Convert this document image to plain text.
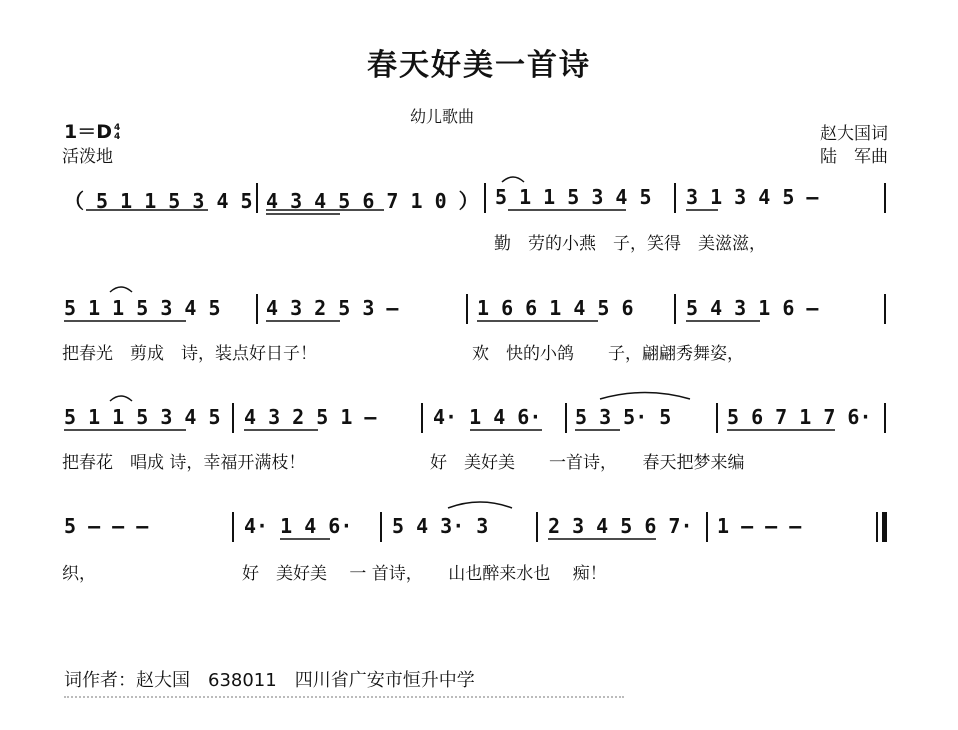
春天好美一首诗
幼儿歌曲
1＝D 4
4
活泼地
赵大国词
陆　军曲
（ 5 1 1 5 3 4 5 4 3 4 5 6 7 1 0 ） 5 1 1 5 3 4 5 3 1 3 4 5 —
勤　劳的小燕　子，笑得　美滋滋，
5 1 1 5 3 4 5 4 3 2 5 3 —	1 6 6 1 4 5 6	5 4 3 1 6 —
把春光　剪成　诗，装点好日子！	欢　快的小鸽　　子，翩翩秀舞姿，
5 1 1 5 3 4 5 4 3 2 5 1 —	4· 1 4 6· 5 3 5· 5	5 6 7 1 7 6·
把春花　唱成 诗，幸福开满枝！	好　美好美　　一首诗，　　春天把梦来编
5 — — —	4· 1 4 6· 5 4 3· 3	2 3 4 5 6 7· 1 — — —
织，	好　美好美　 一 首诗，　　山也醉来水也　 痴！
词作者：赵大国　638011　四川省广安市恒升中学
